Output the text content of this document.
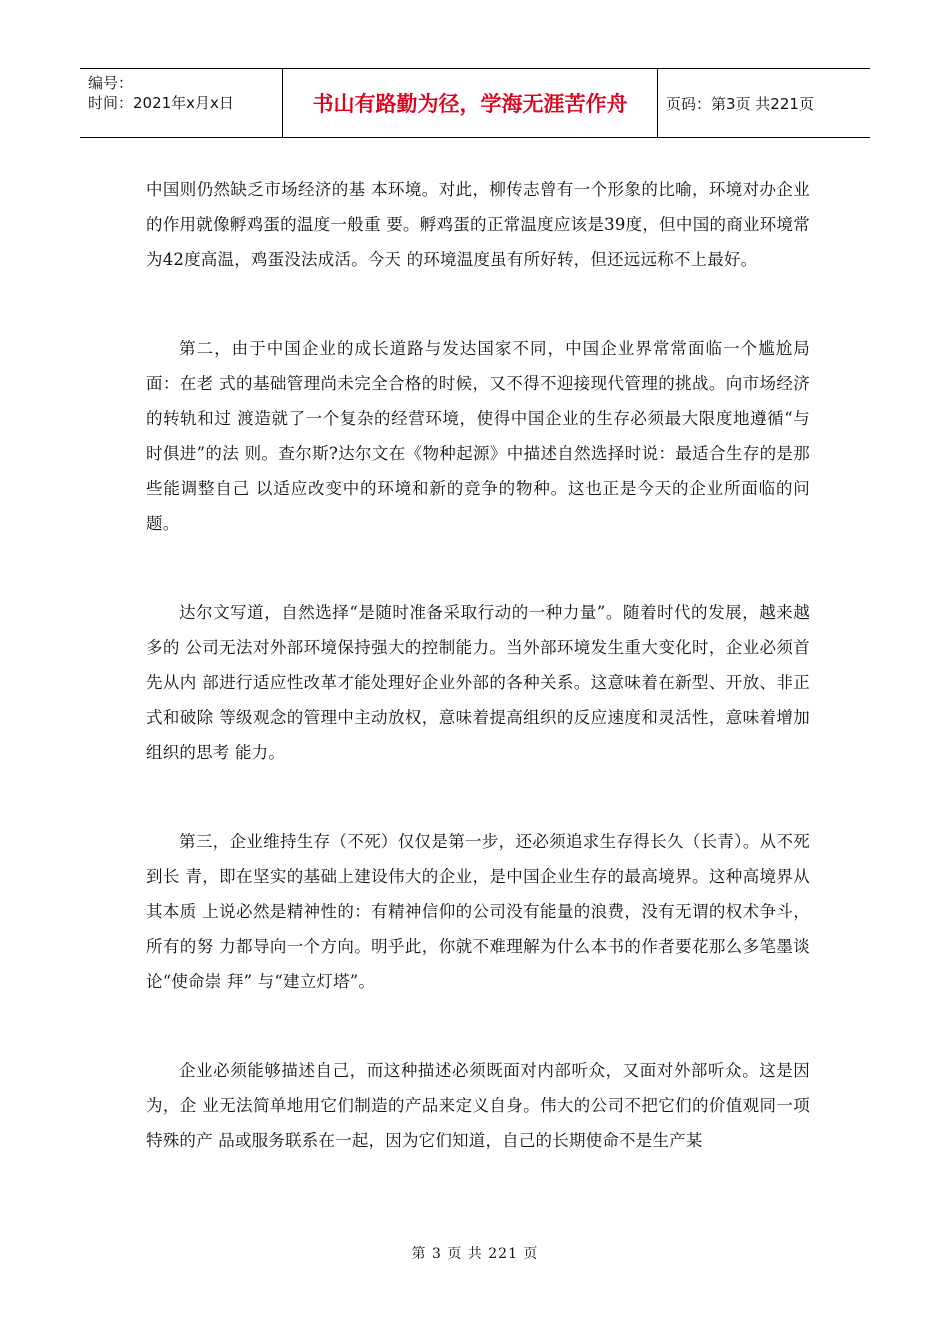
编号：
时间：2021年x月x日	书山有路勤为径，学海无涯苦作舟	页码：第3页 共221页

中国则仍然缺乏市场经济的基 本环境。对此，柳传志曾有一个形象的比喻，环境对办企业的作用就像孵鸡蛋的温度一般重 要。孵鸡蛋的正常温度应该是39度，但中国的商业环境常为42度高温，鸡蛋没法成活。今天 的环境温度虽有所好转，但还远远称不上最好。

第二，由于中国企业的成长道路与发达国家不同，中国企业界常常面临一个尴尬局面：在老 式的基础管理尚未完全合格的时候，又不得不迎接现代管理的挑战。向市场经济的转轨和过 渡造就了一个复杂的经营环境，使得中国企业的生存必须最大限度地遵循“与时俱进”的法 则。查尔斯?达尔文在《物种起源》中描述自然选择时说：最适合生存的是那些能调整自己 以适应改变中的环境和新的竞争的物种。这也正是今天的企业所面临的问题。

达尔文写道，自然选择“是随时准备采取行动的一种力量”。随着时代的发展，越来越多的 公司无法对外部环境保持强大的控制能力。当外部环境发生重大变化时，企业必须首先从内 部进行适应性改革才能处理好企业外部的各种关系。这意味着在新型、开放、非正式和破除 等级观念的管理中主动放权，意味着提高组织的反应速度和灵活性，意味着增加组织的思考 能力。

第三，企业维持生存（不死）仅仅是第一步，还必须追求生存得长久（长青）。从不死到长 青，即在坚实的基础上建设伟大的企业，是中国企业生存的最高境界。这种高境界从其本质 上说必然是精神性的：有精神信仰的公司没有能量的浪费，没有无谓的权术争斗，所有的努 力都导向一个方向。明乎此，你就不难理解为什么本书的作者要花那么多笔墨谈论“使命崇 拜” 与“建立灯塔”。

企业必须能够描述自己，而这种描述必须既面对内部听众，又面对外部听众。这是因为，企 业无法简单地用它们制造的产品来定义自身。伟大的公司不把它们的价值观同一项特殊的产 品或服务联系在一起，因为它们知道，自己的长期使命不是生产某

第 3 页 共 221 页
